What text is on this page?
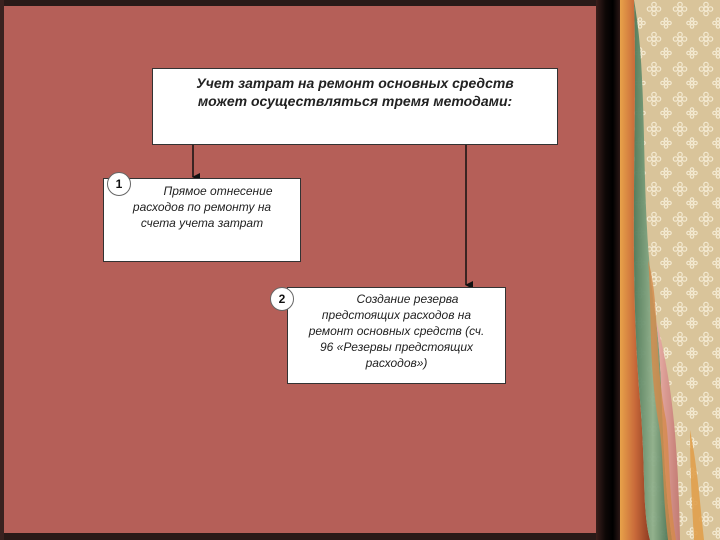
Учет затрат на ремонт основных средств
может осуществляться тремя методами:
Прямое отнесение
расходов по ремонту на
счета учета затрат
1
Создание резерва
предстоящих расходов на
ремонт основных средств (сч.
96 «Резервы предстоящих
расходов»)
2
